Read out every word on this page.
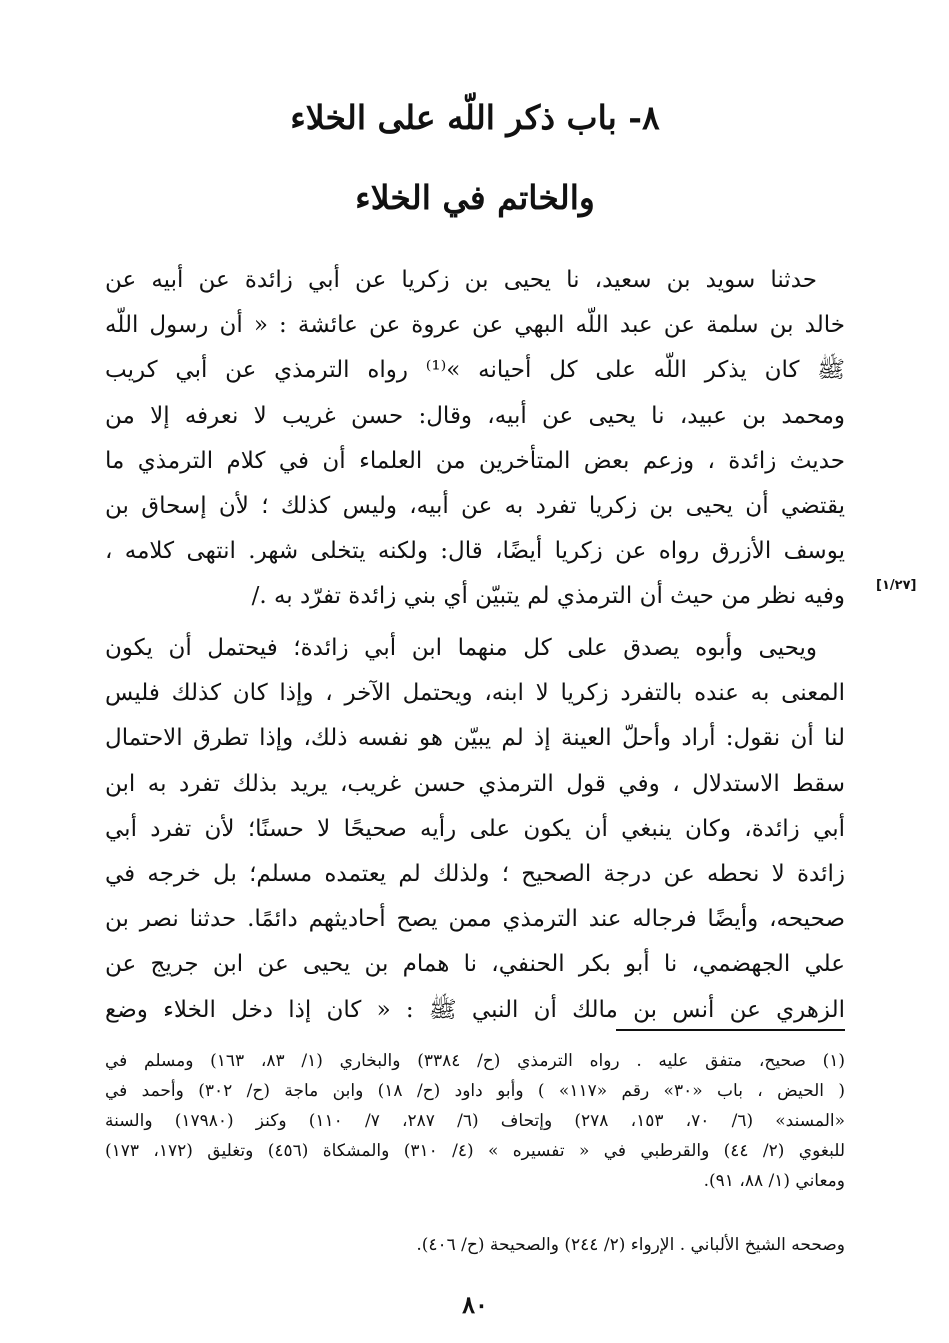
٨- باب ذكر اللّه على الخلاء
والخاتم في الخلاء
حدثنا سويد بن سعيد، نا يحيى بن زكريا عن أبي زائدة عن أبيه عن
خالد بن سلمة عن عبد اللّه البهي عن عروة عن عائشة : « أن رسول اللّه
ﷺ كان يذكر اللّه على كل أحيانه »⁽¹⁾ رواه الترمذي عن أبي كريب
ومحمد بن عبيد، نا يحيى عن أبيه، وقال: حسن غريب لا نعرفه إلا من
حديث زائدة ، وزعم بعض المتأخرين من العلماء أن في كلام الترمذي ما
يقتضي أن يحيى بن زكريا تفرد به عن أبيه، وليس كذلك ؛ لأن إسحاق بن
يوسف الأزرق رواه عن زكريا أيضًا، قال: ولكنه يتخلى شهر. انتهى كلامه ،
وفيه نظر من حيث أن الترمذي لم يتبيّن أي بني زائدة تفرّد به ./ [١/٢٧]
ويحيى وأبوه يصدق على كل منهما ابن أبي زائدة؛ فيحتمل أن يكون
المعنى به عنده بالتفرد زكريا لا ابنه، ويحتمل الآخر ، وإذا كان كذلك فليس
لنا أن نقول: أراد وأحلّ العينة إذ لم يبيّن هو نفسه ذلك، وإذا تطرق الاحتمال
سقط الاستدلال ، وفي قول الترمذي حسن غريب، يريد بذلك تفرد به ابن
أبي زائدة، وكان ينبغي أن يكون على رأيه صحيحًا لا حسنًا؛ لأن تفرد أبي
زائدة لا نحطه عن درجة الصحيح ؛ ولذلك لم يعتمده مسلم؛ بل خرجه في
صحيحه، وأيضًا فرجاله عند الترمذي ممن يصح أحاديثهم دائمًا. حدثنا نصر بن
علي الجهضمي، نا أبو بكر الحنفي، نا همام بن يحيى عن ابن جريج عن
الزهري عن أنس بن مالك أن النبي ﷺ : « كان إذا دخل الخلاء وضع
(١) صحيح، متفق عليه . رواه الترمذي (ح/ ٣٣٨٤) والبخاري (١/ ٨٣، ١٦٣) ومسلم في
( الحيض ، باب «٣٠» رقم «١١٧» ) وأبو داود (ح/ ١٨) وابن ماجة (ح/ ٣٠٢) وأحمد في
«المسند» (٦/ ٧٠، ١٥٣، ٢٧٨) وإتحاف (٦/ ٢٨٧، ٧/ ١١٠) وكنز (١٧٩٨٠) والسنة
للبغوي (٢/ ٤٤) والقرطبي في « تفسيره » (٤/ ٣١٠) والمشكاة (٤٥٦) وتغليق (١٧٢، ١٧٣)
ومعاني (١/ ٨٨، ٩١).
وصححه الشيخ الألباني . الإرواء (٢/ ٢٤٤) والصحيحة (ح/ ٤٠٦).
٨٠
